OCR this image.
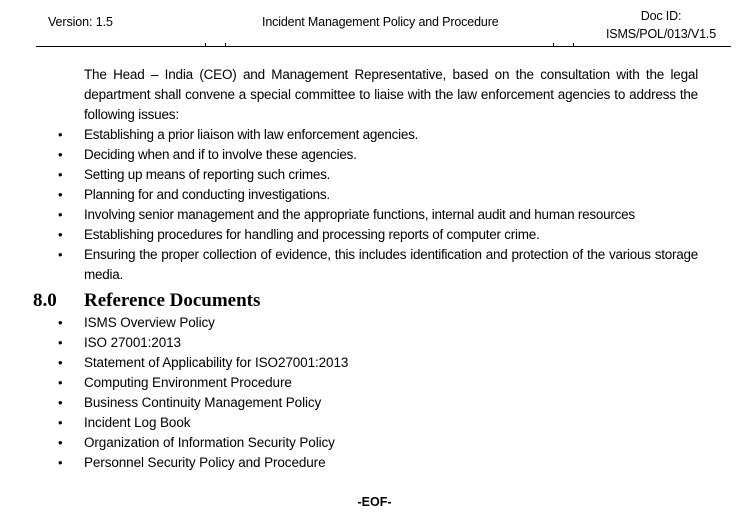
Version: 1.5	Incident Management Policy and Procedure	Doc ID:
ISMS/POL/013/V1.5

The Head – India (CEO) and Management Representative, based on the consultation with the legal department shall convene a special committee to liaise with the law enforcement agencies to address the following issues:

• Establishing a prior liaison with law enforcement agencies.
• Deciding when and if to involve these agencies.
• Setting up means of reporting such crimes.
• Planning for and conducting investigations.
• Involving senior management and the appropriate functions, internal audit and human resources
• Establishing procedures for handling and processing reports of computer crime.
• Ensuring the proper collection of evidence, this includes identification and protection of the various storage media.
8.0 Reference Documents
• ISMS Overview Policy
• ISO 27001:2013
• Statement of Applicability for ISO27001:2013
• Computing Environment Procedure
• Business Continuity Management Policy
• Incident Log Book
• Organization of Information Security Policy
• Personnel Security Policy and Procedure
-EOF-
